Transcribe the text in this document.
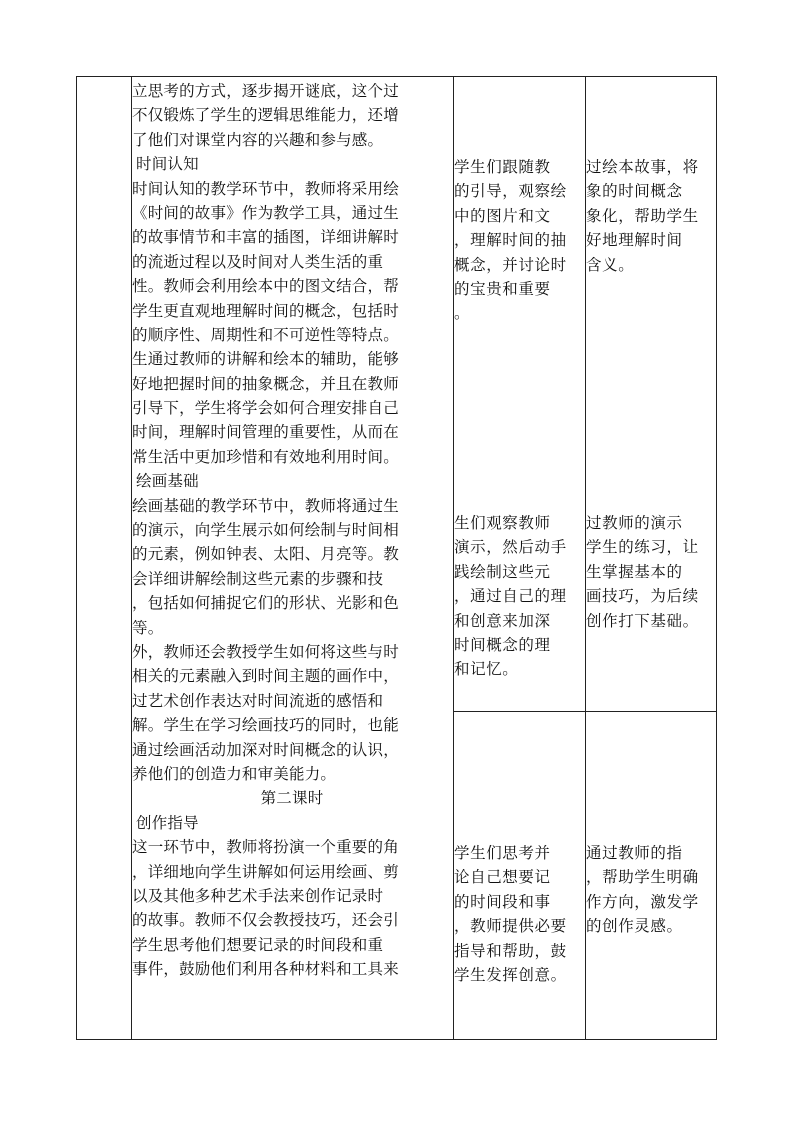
立思考的方式，逐步揭开谜底，这个过
不仅锻炼了学生的逻辑思维能力，还增
了他们对课堂内容的兴趣和参与感。
时间认知
时间认知的教学环节中，教师将采用绘
《时间的故事》作为教学工具，通过生
的故事情节和丰富的插图，详细讲解时
的流逝过程以及时间对人类生活的重
性。教师会利用绘本中的图文结合，帮
学生更直观地理解时间的概念，包括时
的顺序性、周期性和不可逆性等特点。
生通过教师的讲解和绘本的辅助，能够
好地把握时间的抽象概念，并且在教师
引导下，学生将学会如何合理安排自己
时间，理解时间管理的重要性，从而在
常生活中更加珍惜和有效地利用时间。
绘画基础
绘画基础的教学环节中，教师将通过生
的演示，向学生展示如何绘制与时间相
的元素，例如钟表、太阳、月亮等。教
会详细讲解绘制这些元素的步骤和技
，包括如何捕捉它们的形状、光影和色
等。
外，教师还会教授学生如何将这些与时
相关的元素融入到时间主题的画作中，
过艺术创作表达对时间流逝的感悟和
解。学生在学习绘画技巧的同时，也能
通过绘画活动加深对时间概念的认识，
养他们的创造力和审美能力。
第二课时
创作指导
这一环节中，教师将扮演一个重要的角
，详细地向学生讲解如何运用绘画、剪
以及其他多种艺术手法来创作记录时
的故事。教师不仅会教授技巧，还会引
学生思考他们想要记录的时间段和重
事件，鼓励他们利用各种材料和工具来
学生们跟随教
的引导，观察绘
中的图片和文
，理解时间的抽
概念，并讨论时
的宝贵和重要
。
生们观察教师
演示，然后动手
践绘制这些元
，通过自己的理
和创意来加深
时间概念的理
和记忆。
学生们思考并
论自己想要记
的时间段和事
，教师提供必要
指导和帮助，鼓
学生发挥创意。
过绘本故事，将
象的时间概念
象化，帮助学生
好地理解时间
含义。
过教师的演示
学生的练习，让
生掌握基本的
画技巧，为后续
创作打下基础。
通过教师的指
，帮助学生明确
作方向，激发学
的创作灵感。
